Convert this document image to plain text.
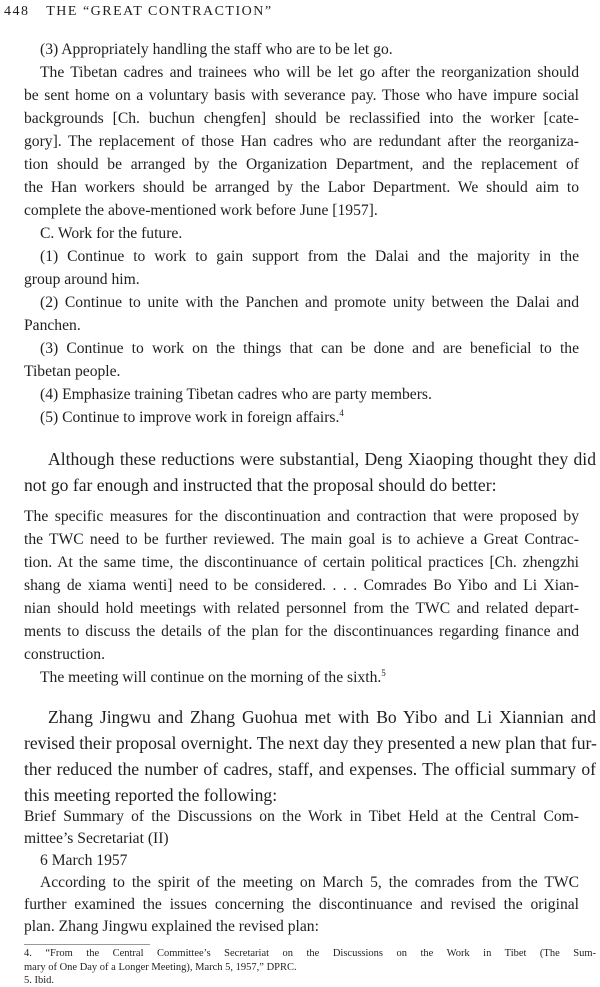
448 THE “GREAT CONTRACTION”
(3) Appropriately handling the staff who are to be let go.
The Tibetan cadres and trainees who will be let go after the reorganization should
be sent home on a voluntary basis with severance pay. Those who have impure social
backgrounds [Ch. buchun chengfen] should be reclassified into the worker [cate-
gory]. The replacement of those Han cadres who are redundant after the reorganiza-
tion should be arranged by the Organization Department, and the replacement of
the Han workers should be arranged by the Labor Department. We should aim to
complete the above-mentioned work before June [1957].
C. Work for the future.
(1) Continue to work to gain support from the Dalai and the majority in the
group around him.
(2) Continue to unite with the Panchen and promote unity between the Dalai and
Panchen.
(3) Continue to work on the things that can be done and are beneficial to the
Tibetan people.
(4) Emphasize training Tibetan cadres who are party members.
(5) Continue to improve work in foreign affairs.$^4$
Although these reductions were substantial, Deng Xiaoping thought they did
not go far enough and instructed that the proposal should do better:
The specific measures for the discontinuation and contraction that were proposed by
the TWC need to be further reviewed. The main goal is to achieve a Great Contrac-
tion. At the same time, the discontinuance of certain political practices [Ch. zhengzhi
shang de xiama wenti] need to be considered. . . . Comrades Bo Yibo and Li Xian-
nian should hold meetings with related personnel from the TWC and related depart-
ments to discuss the details of the plan for the discontinuances regarding finance and
construction.
The meeting will continue on the morning of the sixth.$^5$
Zhang Jingwu and Zhang Guohua met with Bo Yibo and Li Xiannian and
revised their proposal overnight. The next day they presented a new plan that fur-
ther reduced the number of cadres, staff, and expenses. The official summary of
this meeting reported the following:
Brief Summary of the Discussions on the Work in Tibet Held at the Central Com-
mittee’s Secretariat (II)
6 March 1957
According to the spirit of the meeting on March 5, the comrades from the TWC
further examined the issues concerning the discontinuance and revised the original
plan. Zhang Jingwu explained the revised plan:
4. “From the Central Committee’s Secretariat on the Discussions on the Work in Tibet (The Sum-
mary of One Day of a Longer Meeting), March 5, 1957,” DPRC.
5. Ibid.
